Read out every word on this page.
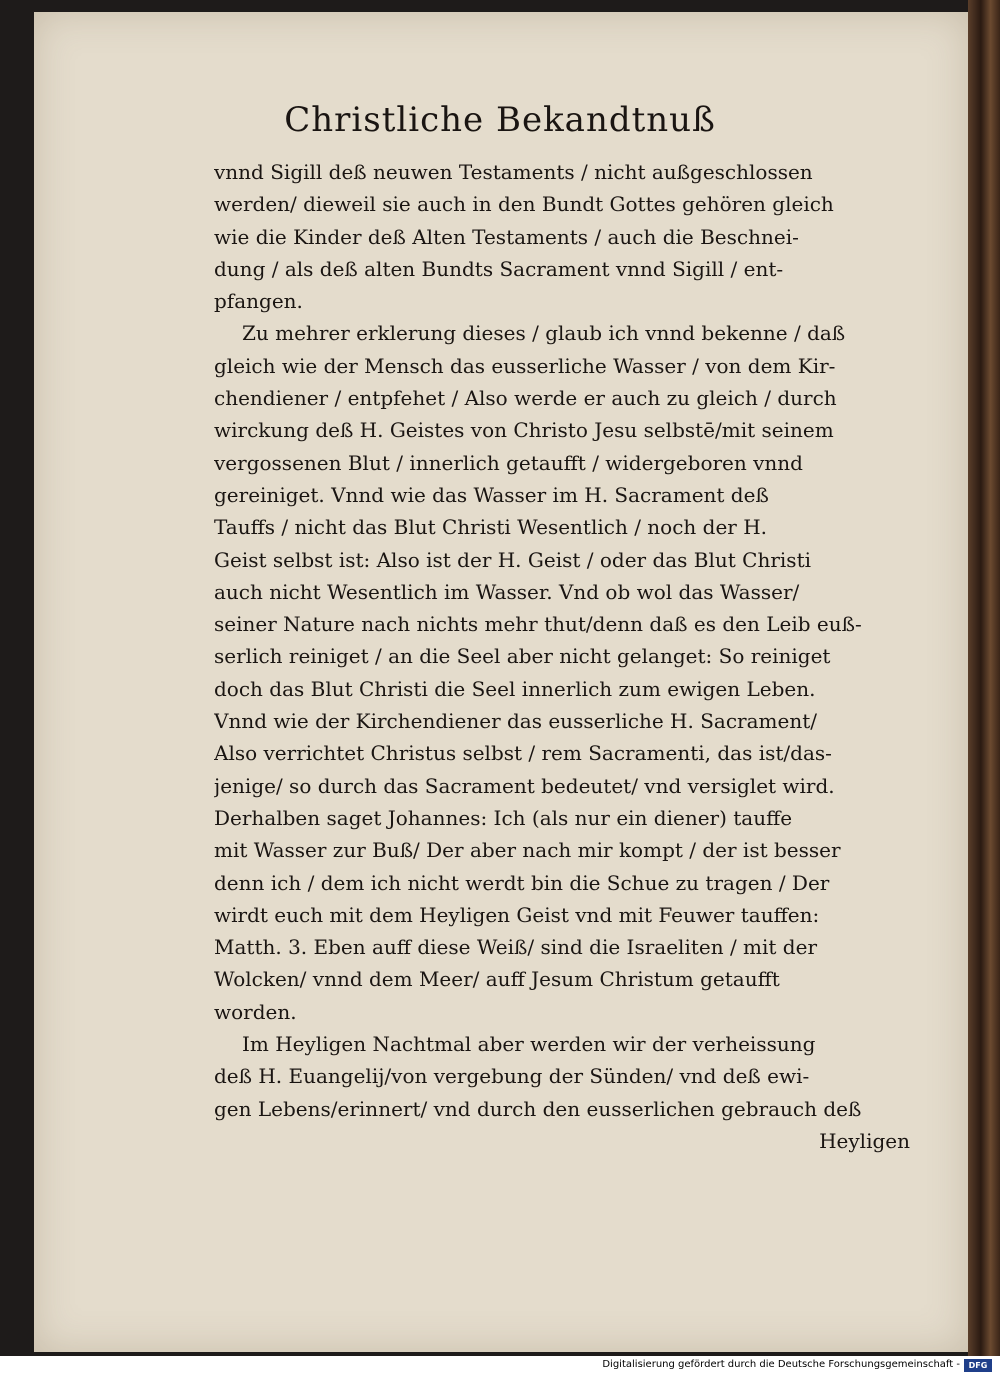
Christliche Bekandtnuß
vnnd Sigill deß neuwen Testaments / nicht außgeschlossen
werden/ dieweil sie auch in den Bundt Gottes gehören gleich
wie die Kinder deß Alten Testaments / auch die Beschnei-
dung / als deß alten Bundts Sacrament vnnd Sigill / ent-
pfangen.
Zu mehrer erklerung dieses / glaub ich vnnd bekenne / daß
gleich wie der Mensch das eusserliche Wasser / von dem Kir-
chendiener / entpfehet / Also werde er auch zu gleich / durch
wirckung deß H. Geistes von Christo Jesu selbstē/mit seinem
vergossenen Blut / innerlich getaufft / widergeboren vnnd
gereiniget. Vnnd wie das Wasser im H. Sacrament deß
Tauffs / nicht das Blut Christi Wesentlich / noch der H.
Geist selbst ist: Also ist der H. Geist / oder das Blut Christi
auch nicht Wesentlich im Wasser. Vnd ob wol das Wasser/
seiner Nature nach nichts mehr thut/denn daß es den Leib euß-
serlich reiniget / an die Seel aber nicht gelanget: So reiniget
doch das Blut Christi die Seel innerlich zum ewigen Leben.
Vnnd wie der Kirchendiener das eusserliche H. Sacrament/
Also verrichtet Christus selbst / rem Sacramenti, das ist/das-
jenige/ so durch das Sacrament bedeutet/ vnd versiglet wird.
Derhalben saget Johannes: Ich (als nur ein diener) tauffe
mit Wasser zur Buß/ Der aber nach mir kompt / der ist besser
denn ich / dem ich nicht werdt bin die Schue zu tragen / Der
wirdt euch mit dem Heyligen Geist vnd mit Feuwer tauffen:
Matth. 3. Eben auff diese Weiß/ sind die Israeliten / mit der
Wolcken/ vnnd dem Meer/ auff Jesum Christum getaufft
worden.
Im Heyligen Nachtmal aber werden wir der verheissung
deß H. Euangelij/von vergebung der Sünden/ vnd deß ewi-
gen Lebens/erinnert/ vnd durch den eusserlichen gebrauch deß
Heyligen
Digitalisierung gefördert durch die Deutsche Forschungsgemeinschaft -	DFG
